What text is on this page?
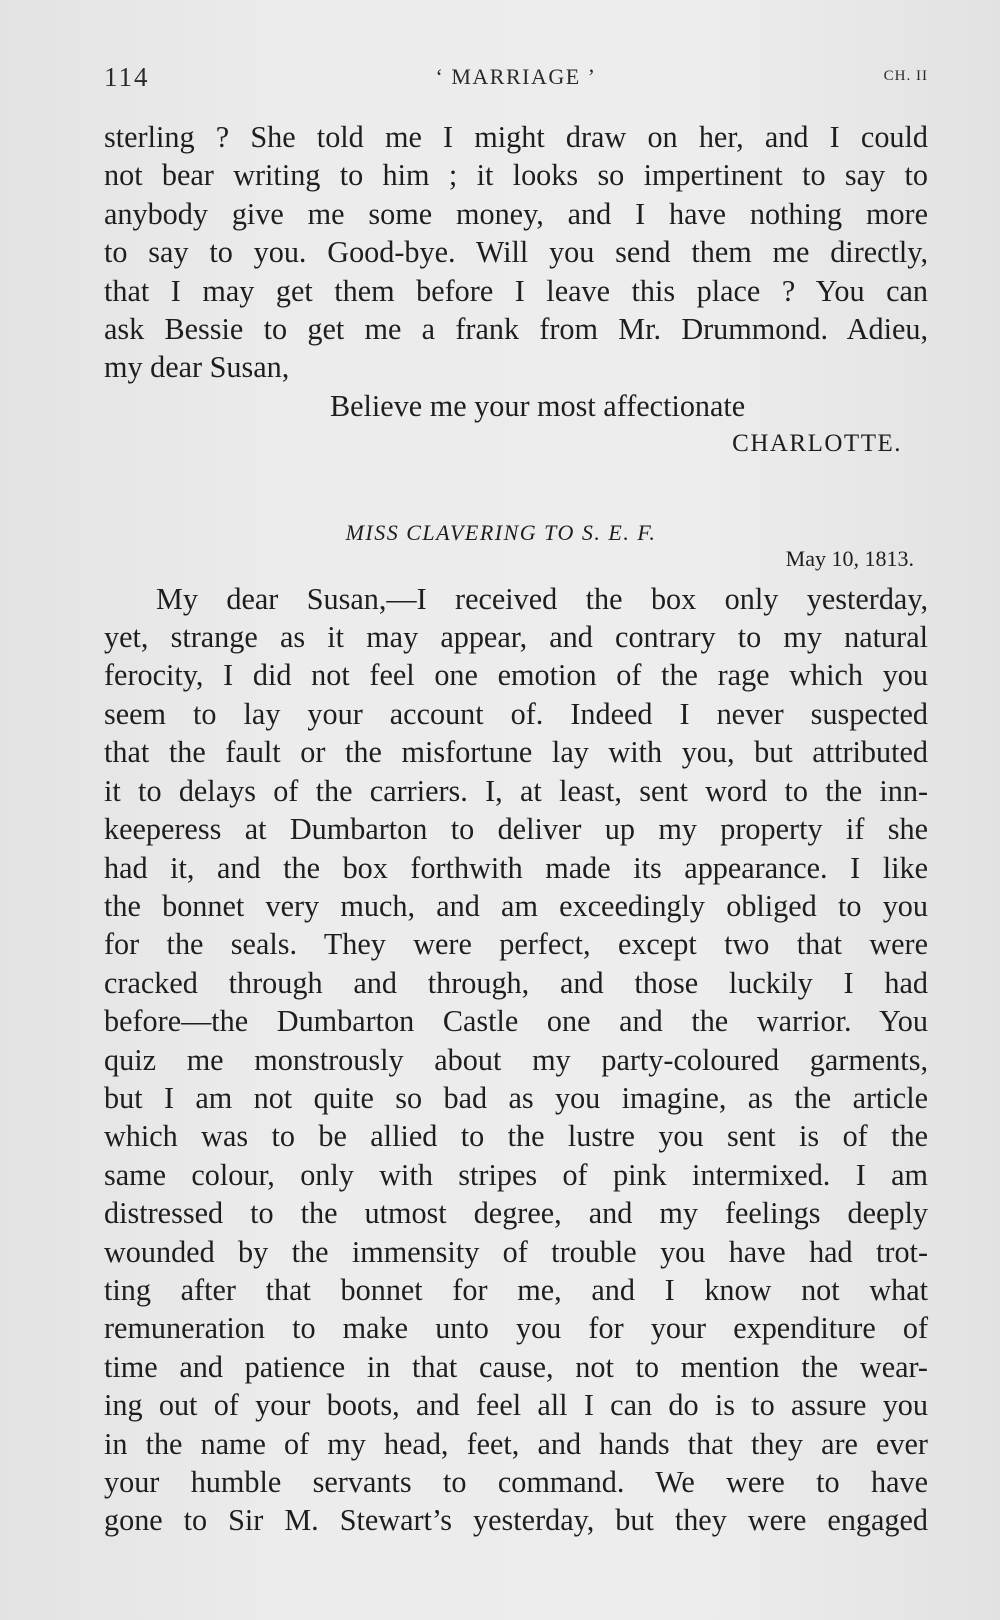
114	‘ MARRIAGE ’	CH. II
sterling ? She told me I might draw on her, and I could
not bear writing to him ; it looks so impertinent to say to
anybody give me some money, and I have nothing more
to say to you. Good-bye. Will you send them me directly,
that I may get them before I leave this place ? You can
ask Bessie to get me a frank from Mr. Drummond. Adieu,
my dear Susan,
Believe me your most affectionate
CHARLOTTE.
MISS CLAVERING TO S. E. F.
May 10, 1813.
My dear Susan,—I received the box only yesterday,
yet, strange as it may appear, and contrary to my natural
ferocity, I did not feel one emotion of the rage which you
seem to lay your account of. Indeed I never suspected
that the fault or the misfortune lay with you, but attributed
it to delays of the carriers. I, at least, sent word to the inn-
keeperess at Dumbarton to deliver up my property if she
had it, and the box forthwith made its appearance. I like
the bonnet very much, and am exceedingly obliged to you
for the seals. They were perfect, except two that were
cracked through and through, and those luckily I had
before—the Dumbarton Castle one and the warrior. You
quiz me monstrously about my party-coloured garments,
but I am not quite so bad as you imagine, as the article
which was to be allied to the lustre you sent is of the
same colour, only with stripes of pink intermixed. I am
distressed to the utmost degree, and my feelings deeply
wounded by the immensity of trouble you have had trot-
ting after that bonnet for me, and I know not what
remuneration to make unto you for your expenditure of
time and patience in that cause, not to mention the wear-
ing out of your boots, and feel all I can do is to assure you
in the name of my head, feet, and hands that they are ever
your humble servants to command. We were to have
gone to Sir M. Stewart’s yesterday, but they were engaged
